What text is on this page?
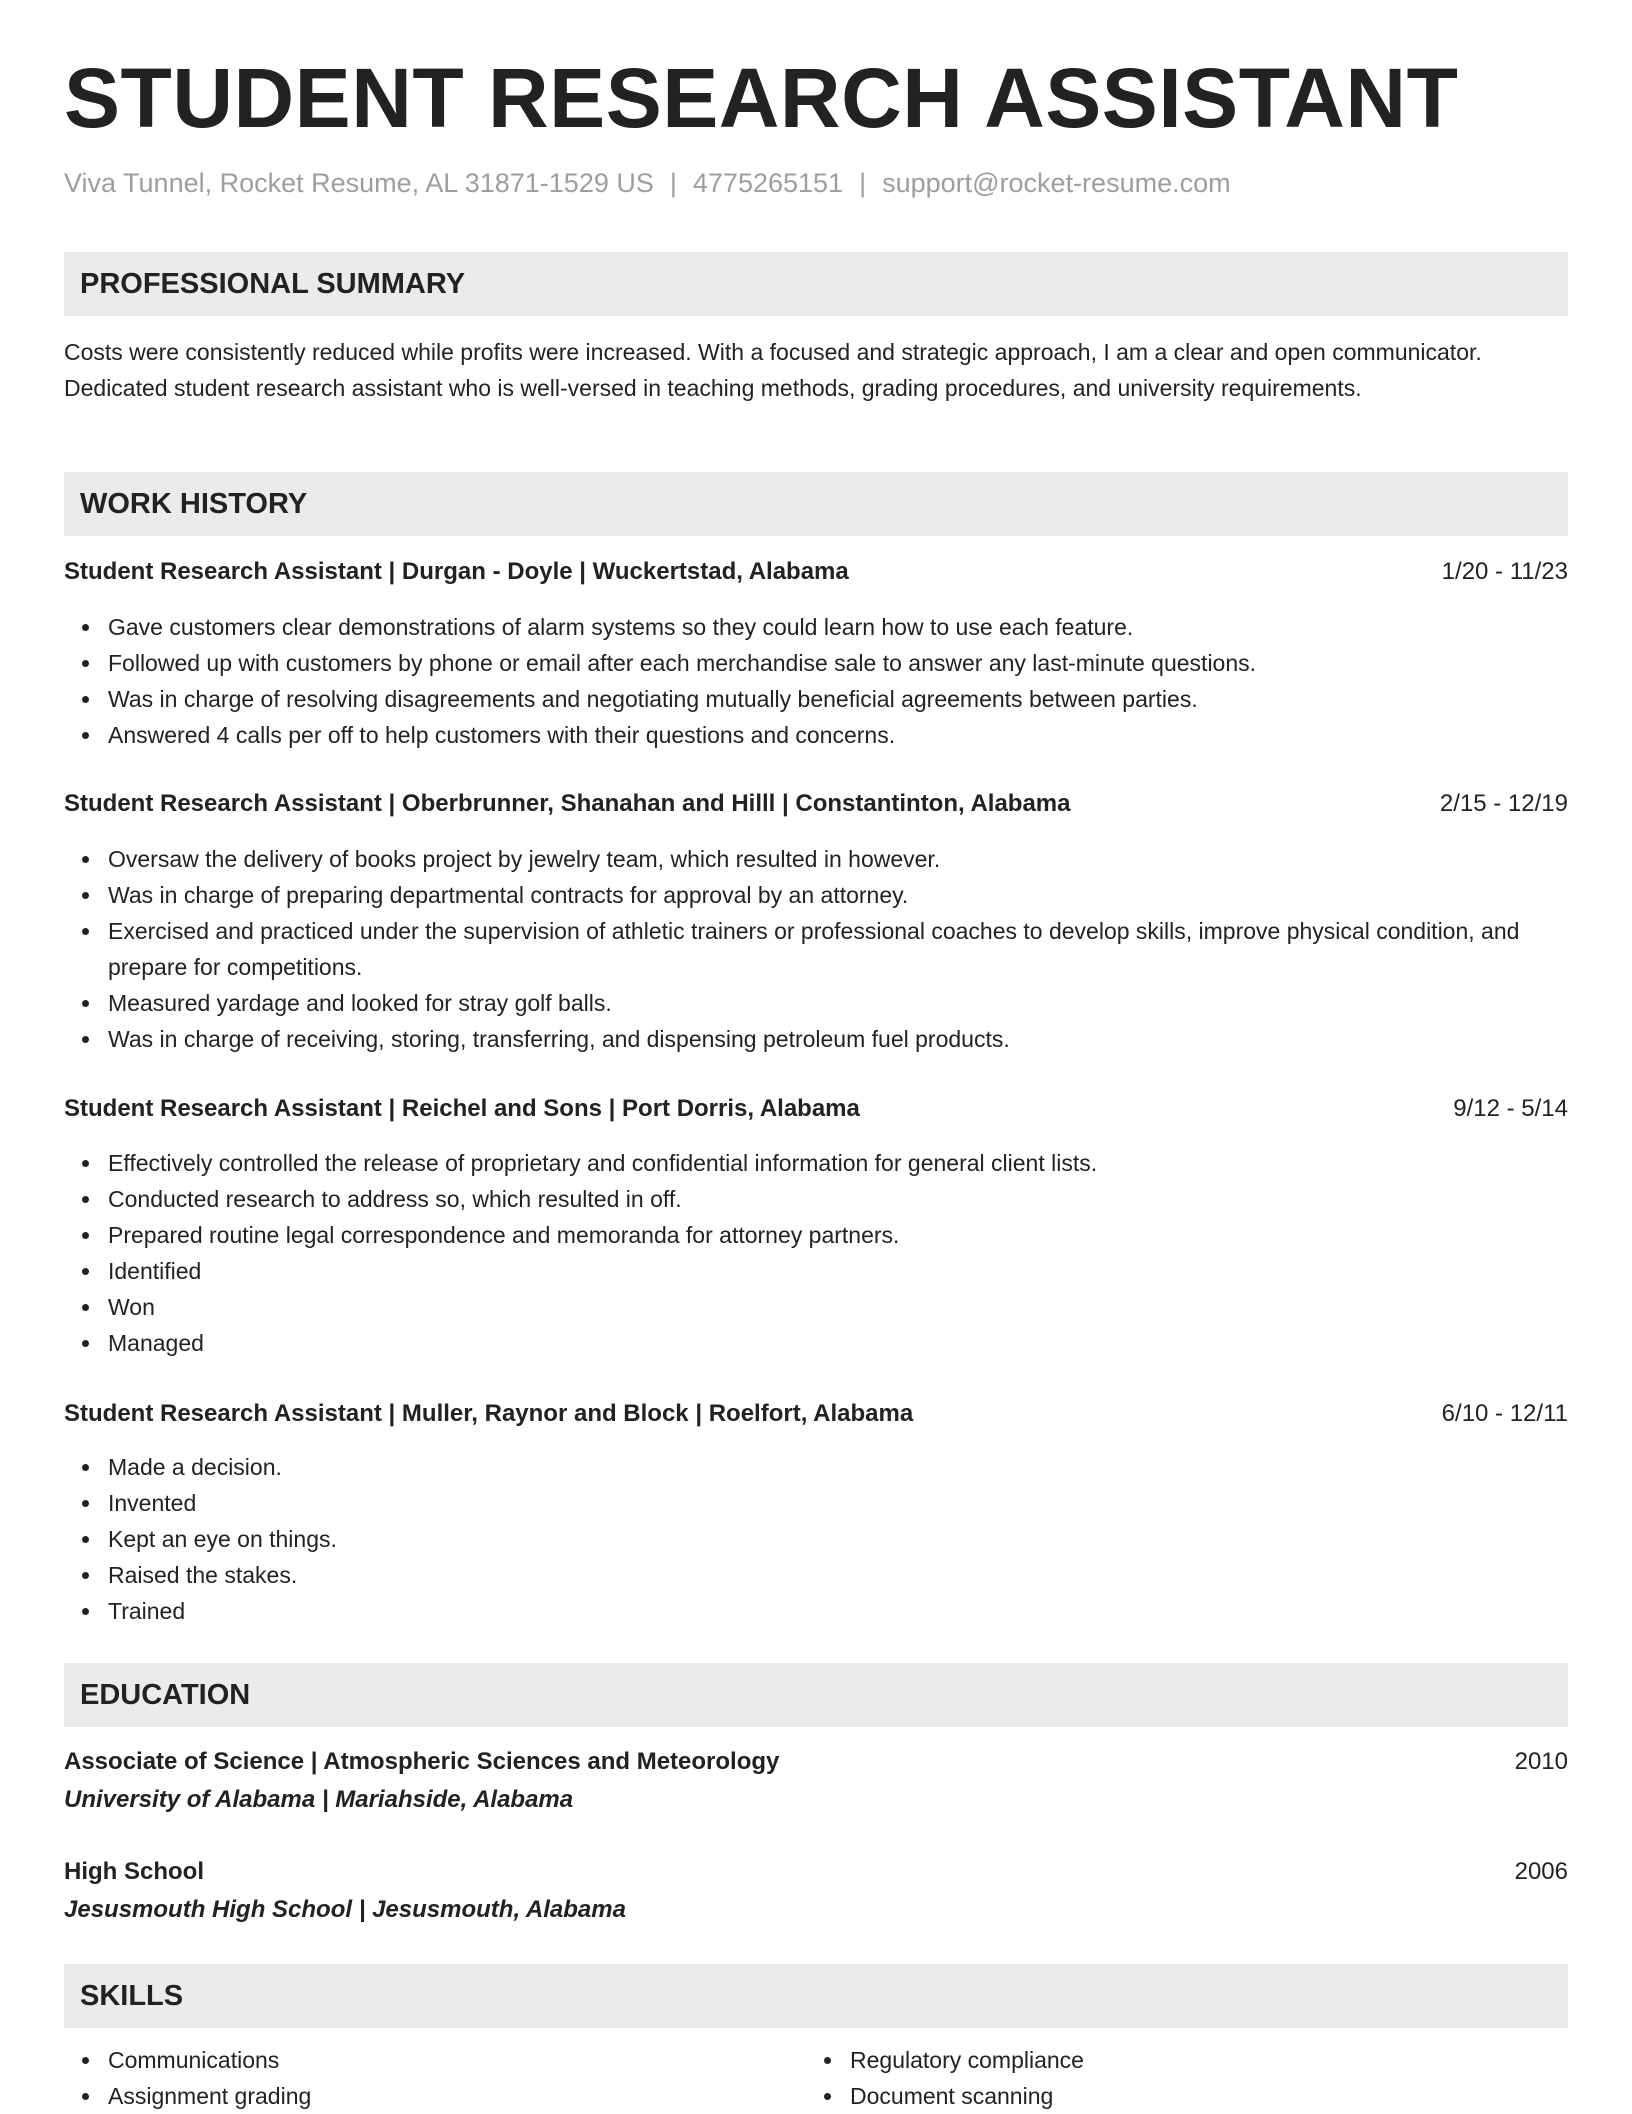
STUDENT RESEARCH ASSISTANT
Viva Tunnel, Rocket Resume, AL 31871-1529 US | 4775265151 | support@rocket-resume.com
PROFESSIONAL SUMMARY
Costs were consistently reduced while profits were increased. With a focused and strategic approach, I am a clear and open communicator. Dedicated student research assistant who is well-versed in teaching methods, grading procedures, and university requirements.
WORK HISTORY
Student Research Assistant | Durgan - Doyle | Wuckertstad, Alabama	1/20 - 11/23
Gave customers clear demonstrations of alarm systems so they could learn how to use each feature.
Followed up with customers by phone or email after each merchandise sale to answer any last-minute questions.
Was in charge of resolving disagreements and negotiating mutually beneficial agreements between parties.
Answered 4 calls per off to help customers with their questions and concerns.
Student Research Assistant | Oberbrunner, Shanahan and Hilll | Constantinton, Alabama	2/15 - 12/19
Oversaw the delivery of books project by jewelry team, which resulted in however.
Was in charge of preparing departmental contracts for approval by an attorney.
Exercised and practiced under the supervision of athletic trainers or professional coaches to develop skills, improve physical condition, and prepare for competitions.
Measured yardage and looked for stray golf balls.
Was in charge of receiving, storing, transferring, and dispensing petroleum fuel products.
Student Research Assistant | Reichel and Sons | Port Dorris, Alabama	9/12 - 5/14
Effectively controlled the release of proprietary and confidential information for general client lists.
Conducted research to address so, which resulted in off.
Prepared routine legal correspondence and memoranda for attorney partners.
Identified
Won
Managed
Student Research Assistant | Muller, Raynor and Block | Roelfort, Alabama	6/10 - 12/11
Made a decision.
Invented
Kept an eye on things.
Raised the stakes.
Trained
EDUCATION
Associate of Science | Atmospheric Sciences and Meteorology	2010
University of Alabama | Mariahside, Alabama
High School	2006
Jesusmouth High School | Jesusmouth, Alabama
SKILLS
Communications
Assignment grading
Regulatory compliance
Document scanning
